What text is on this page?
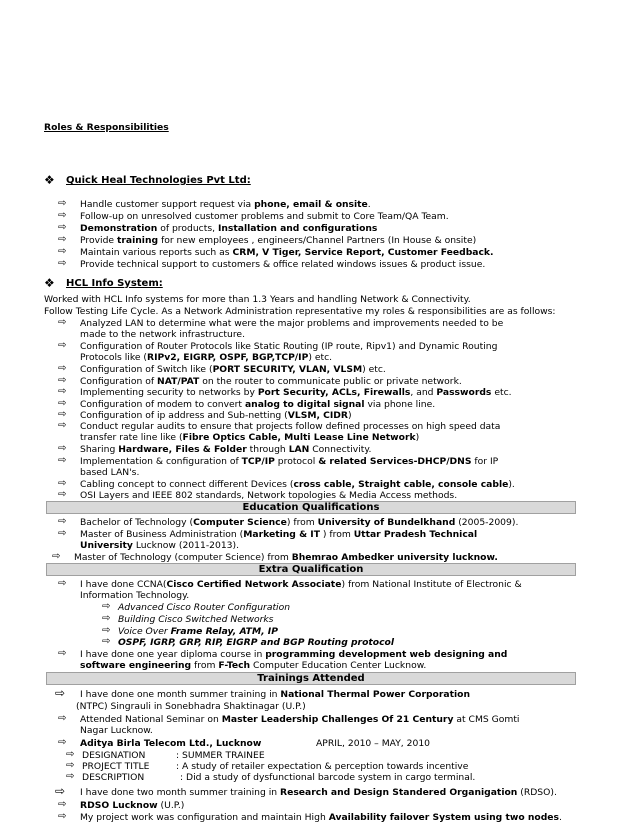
Roles & Responsibilities
❖ Quick Heal Technologies Pvt Ltd:
⇨ Handle customer support request via phone, email & onsite.
⇨ Follow-up on unresolved customer problems and submit to Core Team/QA Team.
⇨ Demonstration of products, Installation and configurations
⇨ Provide training for new employees , engineers/Channel Partners (In House & onsite)
⇨ Maintain various reports such as CRM, V Tiger, Service Report, Customer Feedback.
⇨ Provide technical support to customers & office related windows issues & product issue.
❖ HCL Info System:
Worked with HCL Info systems for more than 1.3 Years and handling Network & Connectivity.
Follow Testing Life Cycle. As a Network Administration representative my roles & responsibilities are as follows:
⇨ Analyzed LAN to determine what were the major problems and improvements needed to be
made to the network infrastructure.
⇨ Configuration of Router Protocols like Static Routing (IP route, Ripv1) and Dynamic Routing
Protocols like (RIPv2, EIGRP, OSPF, BGP,TCP/IP) etc.
⇨ Configuration of Switch like (PORT SECURITY, VLAN, VLSM) etc.
⇨ Configuration of NAT/PAT on the router to communicate public or private network.
⇨ Implementing security to networks by Port Security, ACLs, Firewalls, and Passwords etc.
⇨ Configuration of modem to convert analog to digital signal via phone line.
⇨ Configuration of ip address and Sub-netting (VLSM, CIDR)
⇨ Conduct regular audits to ensure that projects follow defined processes on high speed data
transfer rate line like (Fibre Optics Cable, Multi Lease Line Network)
⇨ Sharing Hardware, Files & Folder through LAN Connectivity.
⇨ Implementation & configuration of TCP/IP protocol & related Services-DHCP/DNS for IP
based LAN's.
⇨ Cabling concept to connect different Devices (cross cable, Straight cable, console cable).
⇨ OSI Layers and IEEE 802 standards, Network topologies & Media Access methods.
Education Qualifications
⇨ Bachelor of Technology (Computer Science) from University of Bundelkhand (2005-2009).
⇨ Master of Business Administration (Marketing & IT ) from Uttar Pradesh Technical
University Lucknow (2011-2013).
⇨ Master of Technology (computer Science) from Bhemrao Ambedker university lucknow.
Extra Qualification
⇨ I have done CCNA(Cisco Certified Network Associate) from National Institute of Electronic &
Information Technology.
⇨ Advanced Cisco Router Configuration
⇨ Building Cisco Switched Networks
⇨ Voice Over Frame Relay, ATM, IP
⇨ OSPF, IGRP, GRP, RIP, EIGRP and BGP Routing protocol
⇨ I have done one year diploma course in programming development web designing and
software engineering from F-Tech Computer Education Center Lucknow.
Trainings Attended
⇨ I have done one month summer training in National Thermal Power Corporation
(NTPC) Singrauli in Sonebhadra Shaktinagar (U.P.)
⇨ Attended National Seminar on Master Leadership Challenges Of 21 Century at CMS Gomti
Nagar Lucknow.
⇨ Aditya Birla Telecom Ltd., Lucknow	APRIL, 2010 – MAY, 2010
⇨ DESIGNATION	: SUMMER TRAINEE
⇨ PROJECT TITLE	: A study of retailer expectation & perception towards incentive
⇨ DESCRIPTION	: Did a study of dysfunctional barcode system in cargo terminal.
⇨ I have done two month summer training in Research and Design Standered Organigation (RDSO).
⇨ RDSO Lucknow (U.P.)
⇨ My project work was configuration and maintain High Availability failover System using two nodes.
